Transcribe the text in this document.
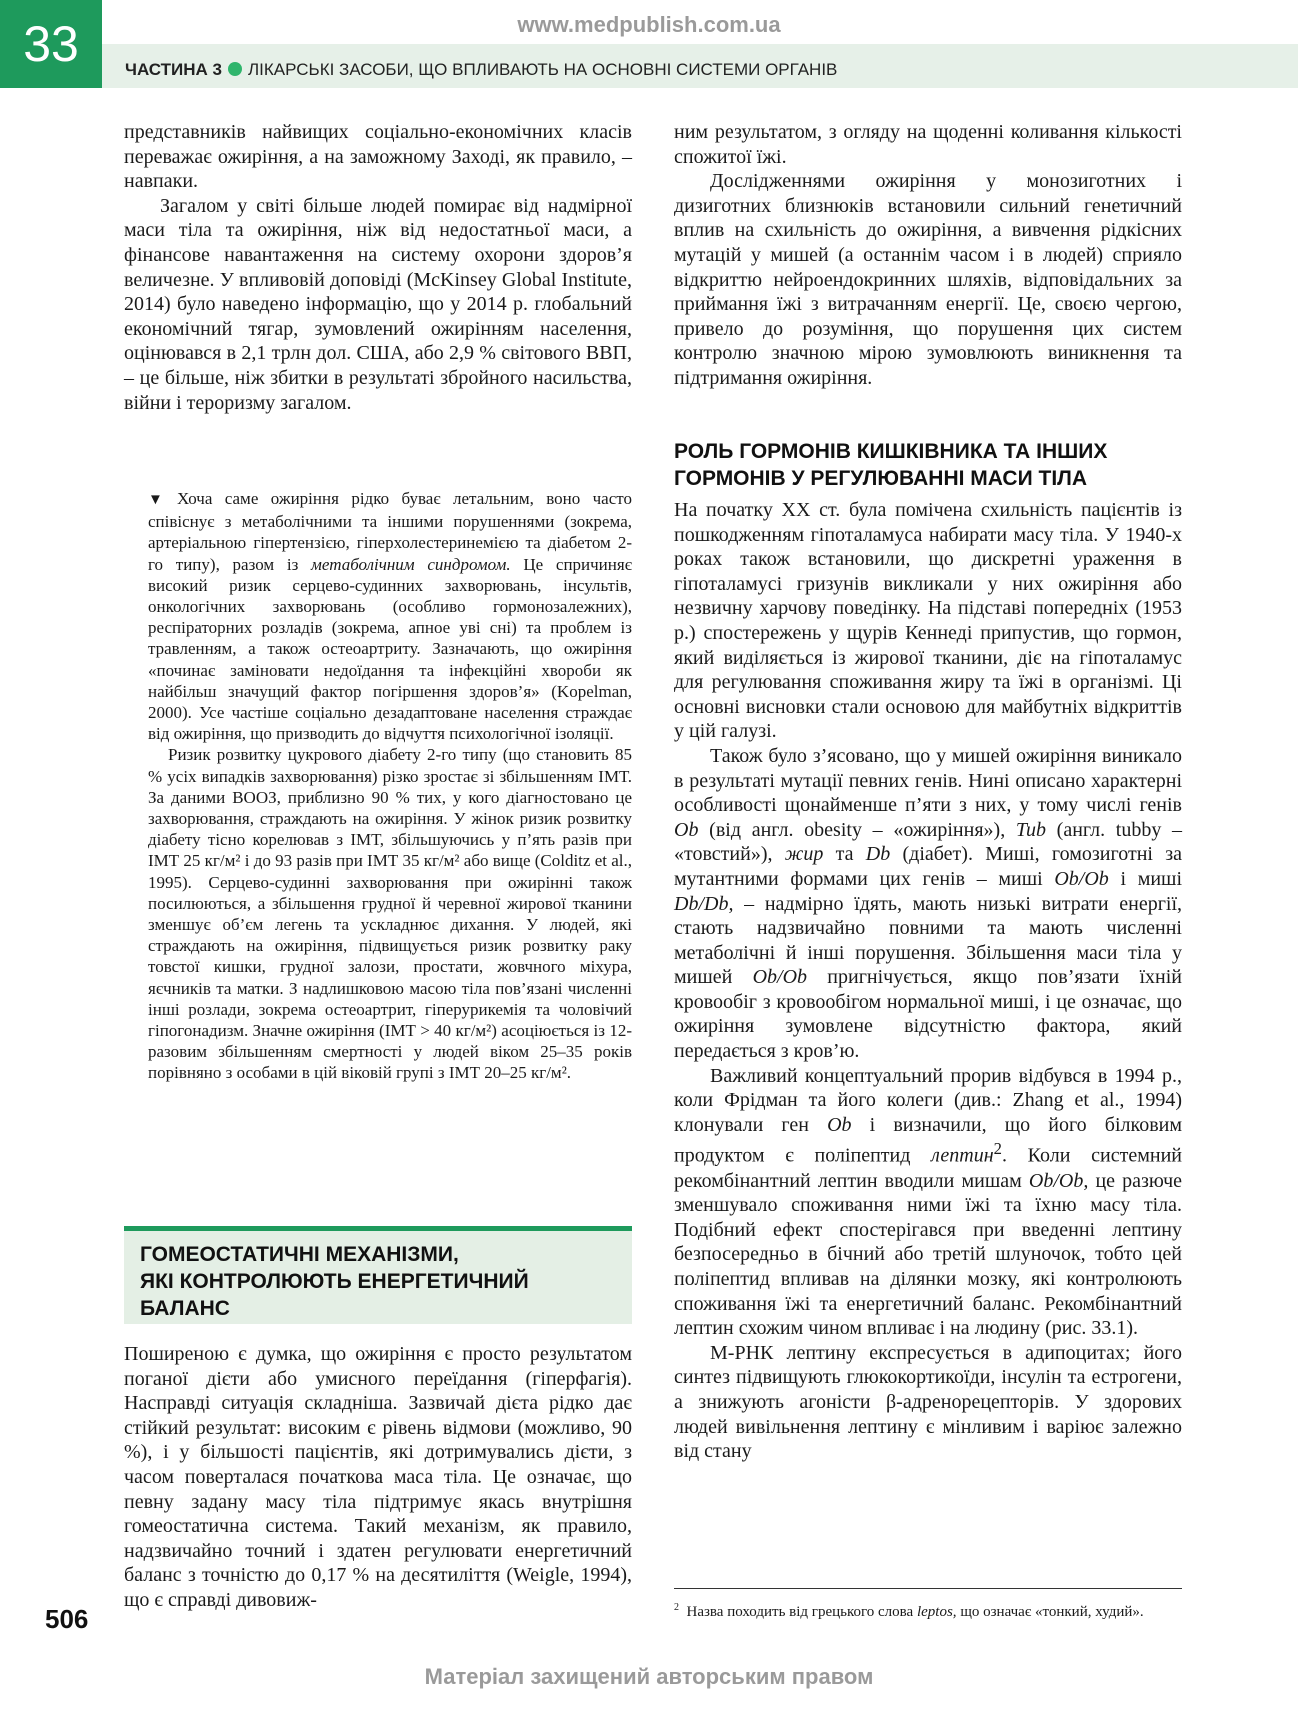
www.medpublish.com.ua
33	ЧАСТИНА 3 ЛІКАРСЬКІ ЗАСОБИ, ЩО ВПЛИВАЮТЬ НА ОСНОВНІ СИСТЕМИ ОРГАНІВ

представників найвищих соціально-економічних класів переважає ожиріння, а на заможному Заході, як правило, – навпаки.

Загалом у світі більше людей помирає від надмірної маси тіла та ожиріння, ніж від недостатньої маси, а фінансове навантаження на систему охорони здоров’я величезне. У впливовій доповіді (McKinsey Global Institute, 2014) було наведено інформацію, що у 2014 р. глобальний економічний тягар, зумовлений ожирінням населення, оцінювався в 2,1 трлн дол. США, або 2,9 % світового ВВП, – це більше, ніж збитки в результаті збройного насильства, війни і тероризму загалом.

▼ Хоча саме ожиріння рідко буває летальним, воно часто співіснує з метаболічними та іншими порушеннями (зокрема, артеріальною гіпертензією, гіперхолестеринемією та діабетом 2-го типу), разом із метаболічним синдромом. Це спричиняє високий ризик серцево-судинних захворювань, інсультів, онкологічних захворювань (особливо гормонозалежних), респіраторних розладів (зокрема, апное уві сні) та проблем із травленням, а також остеоартриту. Зазначають, що ожиріння «починає заміновати недоїдання та інфекційні хвороби як найбільш значущий фактор погіршення здоров’я» (Kopelman, 2000). Усе частіше соціально дезадаптоване населення страждає від ожиріння, що призводить до відчуття психологічної ізоляції.

Ризик розвитку цукрового діабету 2-го типу (що становить 85 % усіх випадків захворювання) різко зростає зі збільшенням ІМТ. За даними ВООЗ, приблизно 90 % тих, у кого діагностовано це захворювання, страждають на ожиріння. У жінок ризик розвитку діабету тісно корелював з ІМТ, збільшуючись у п’ять разів при ІМТ 25 кг/м² і до 93 разів при ІМТ 35 кг/м² або вище (Colditz et al., 1995). Серцево-судинні захворювання при ожирінні також посилюються, а збільшення грудної й черевної жирової тканини зменшує об’єм легень та ускладнює дихання. У людей, які страждають на ожиріння, підвищується ризик розвитку раку товстої кишки, грудної залози, простати, жовчного міхура, яєчників та матки. З надлишковою масою тіла пов’язані численні інші розлади, зокрема остеоартрит, гіперурикемія та чоловічий гіпогонадизм. Значне ожиріння (ІМТ > 40 кг/м²) асоціюється із 12-разовим збільшенням смертності у людей віком 25–35 років порівняно з особами в цій віковій групі з ІМТ 20–25 кг/м².

ГОМЕОСТАТИЧНІ МЕХАНІЗМИ,
ЯКІ КОНТРОЛЮЮТЬ ЕНЕРГЕТИЧНИЙ
БАЛАНС

Поширеною є думка, що ожиріння є просто результатом поганої дієти або умисного переїдання (гіперфагія). Насправді ситуація складніша. Зазвичай дієта рідко дає стійкий результат: високим є рівень відмови (можливо, 90 %), і у більшості пацієнтів, які дотримувались дієти, з часом поверталася початкова маса тіла. Це означає, що певну задану масу тіла підтримує якась внутрішня гомеостатична система. Такий механізм, як правило, надзвичайно точний і здатен регулювати енергетичний баланс з точністю до 0,17 % на десятиліття (Weigle, 1994), що є справді дивовиж-

ним результатом, з огляду на щоденні коливання кількості спожитої їжі.

Дослідженнями ожиріння у монозиготних і дизиготних близнюків встановили сильний генетичний вплив на схильність до ожиріння, а вивчення рідкісних мутацій у мишей (а останнім часом і в людей) сприяло відкриттю нейроендокринних шляхів, відповідальних за приймання їжі з витрачанням енергії. Це, своєю чергою, привело до розуміння, що порушення цих систем контролю значною мірою зумовлюють виникнення та підтримання ожиріння.

РОЛЬ ГОРМОНІВ КИШКІВНИКА ТА ІНШИХ
ГОРМОНІВ У РЕГУЛЮВАННІ МАСИ ТІЛА

На початку ХХ ст. була помічена схильність пацієнтів із пошкодженням гіпоталамуса набирати масу тіла. У 1940-х роках також встановили, що дискретні ураження в гіпоталамусі гризунів викликали у них ожиріння або незвичну харчову поведінку. На підставі попередніх (1953 р.) спостережень у щурів Кеннеді припустив, що гормон, який виділяється із жирової тканини, діє на гіпоталамус для регулювання споживання жиру та їжі в організмі. Ці основні висновки стали основою для майбутніх відкриттів у цій галузі.

Також було з’ясовано, що у мишей ожиріння виникало в результаті мутації певних генів. Нині описано характерні особливості щонайменше п’яти з них, у тому числі генів Ob (від англ. obesity – «ожиріння»), Tub (англ. tubby – «товстий»), жир та Db (діабет). Миші, гомозиготні за мутантними формами цих генів – миші Ob/Ob і миші Db/Db, – надмірно їдять, мають низькі витрати енергії, стають надзвичайно повними та мають численні метаболічні й інші порушення. Збільшення маси тіла у мишей Ob/Ob пригнічується, якщо пов’язати їхній кровообіг з кровообігом нормальної миші, і це означає, що ожиріння зумовлене відсутністю фактора, який передається з кров’ю.

Важливий концептуальний прорив відбувся в 1994 р., коли Фрідман та його колеги (див.: Zhang et al., 1994) клонували ген Ob і визначили, що його білковим продуктом є поліпептид лептин$^2$. Коли системний рекомбінантний лептин вводили мишам Ob/Ob, це разюче зменшувало споживання ними їжі та їхню масу тіла. Подібний ефект спостерігався при введенні лептину безпосередньо в бічний або третій шлуночок, тобто цей поліпептид впливав на ділянки мозку, які контролюють споживання їжі та енергетичний баланс. Рекомбінантний лептин схожим чином впливає і на людину (рис. 33.1).

М-РНК лептину експресується в адипоцитах; його синтез підвищують глюкокортикоїди, інсулін та естрогени, а знижують агоністи β-адренорецепторів. У здорових людей вивільнення лептину є мінливим і варіює залежно від стану

$^2$ Назва походить від грецького слова leptos, що означає «тонкий, худий».
506
Матеріал захищений авторським правом
